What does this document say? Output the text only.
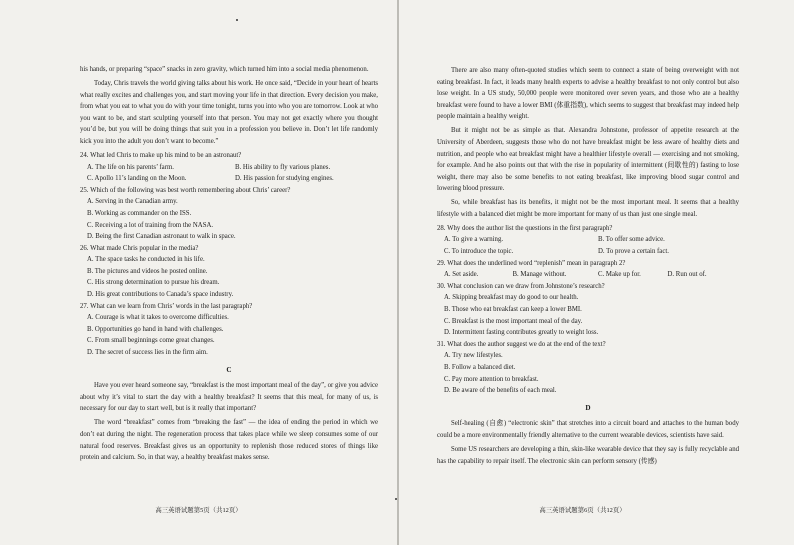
his hands, or preparing “space” snacks in zero gravity, which turned him into a social media phenomenon.

Today, Chris travels the world giving talks about his work. He once said, “Decide in your heart of hearts what really excites and challenges you, and start moving your life in that direction. Every decision you make, from what you eat to what you do with your time tonight, turns you into who you are tomorrow. Look at who you want to be, and start sculpting yourself into that person. You may not get exactly where you thought you’d be, but you will be doing things that suit you in a profession you believe in. Don’t let life randomly kick you into the adult you don’t want to become.”

24. What led Chris to make up his mind to be an astronaut?

A. The life on his parents’ farm.	B. His ability to fly various planes.
C. Apollo 11’s landing on the Moon.	D. His passion for studying engines.

25. Which of the following was best worth remembering about Chris’ career?

A. Serving in the Canadian army.

B. Working as commander on the ISS.

C. Receiving a lot of training from the NASA.

D. Being the first Canadian astronaut to walk in space.

26. What made Chris popular in the media?

A. The space tasks he conducted in his life.

B. The pictures and videos he posted online.

C. His strong determination to pursue his dream.

D. His great contributions to Canada’s space industry.

27. What can we learn from Chris’ words in the last paragraph?

A. Courage is what it takes to overcome difficulties.

B. Opportunities go hand in hand with challenges.

C. From small beginnings come great changes.

D. The secret of success lies in the firm aim.

C

Have you ever heard someone say, “breakfast is the most important meal of the day”, or give you advice about why it’s vital to start the day with a healthy breakfast? It seems that this meal, for many of us, is necessary for our day to start well, but is it really that important?

The word “breakfast” comes from “breaking the fast” — the idea of ending the period in which we don’t eat during the night. The regeneration process that takes place while we sleep consumes some of our natural food reserves. Breakfast gives us an opportunity to replenish those reduced stores of things like protein and calcium. So, in that way, a healthy breakfast makes sense.

高三英语试题第5页（共12页）

There are also many often-quoted studies which seem to connect a state of being overweight with not eating breakfast. In fact, it leads many health experts to advise a healthy breakfast to not only control but also lose weight. In a US study, 50,000 people were monitored over seven years, and those who ate a healthy breakfast were found to have a lower BMI (体重指数), which seems to suggest that breakfast may indeed help people maintain a healthy weight.

But it might not be as simple as that. Alexandra Johnstone, professor of appetite research at the University of Aberdeen, suggests those who do not have breakfast might be less aware of healthy diets and nutrition, and people who eat breakfast might have a healthier lifestyle overall — exercising and not smoking, for example. And he also points out that with the rise in popularity of intermittent (间歇性的) fasting to lose weight, there may also be some benefits to not eating breakfast, like improving blood sugar control and lowering blood pressure.

So, while breakfast has its benefits, it might not be the most important meal. It seems that a healthy lifestyle with a balanced diet might be more important for many of us than just one single meal.

28. Why does the author list the questions in the first paragraph?

A. To give a warning.	B. To offer some advice.
C. To introduce the topic.	D. To prove a certain fact.

29. What does the underlined word “replenish” mean in paragraph 2?

A. Set aside.	B. Manage without.	C. Make up for.	D. Run out of.

30. What conclusion can we draw from Johnstone’s research?

A. Skipping breakfast may do good to our health.

B. Those who eat breakfast can keep a lower BMI.

C. Breakfast is the most important meal of the day.

D. Intermittent fasting contributes greatly to weight loss.

31. What does the author suggest we do at the end of the text?

A. Try new lifestyles.

B. Follow a balanced diet.

C. Pay more attention to breakfast.

D. Be aware of the benefits of each meal.

D

Self-healing (自愈) “electronic skin” that stretches into a circuit board and attaches to the human body could be a more environmentally friendly alternative to the current wearable devices, scientists have said.

Some US researchers are developing a thin, skin-like wearable device that they say is fully recyclable and has the capability to repair itself. The electronic skin can perform sensory (传感)

高三英语试题第6页（共12页）
